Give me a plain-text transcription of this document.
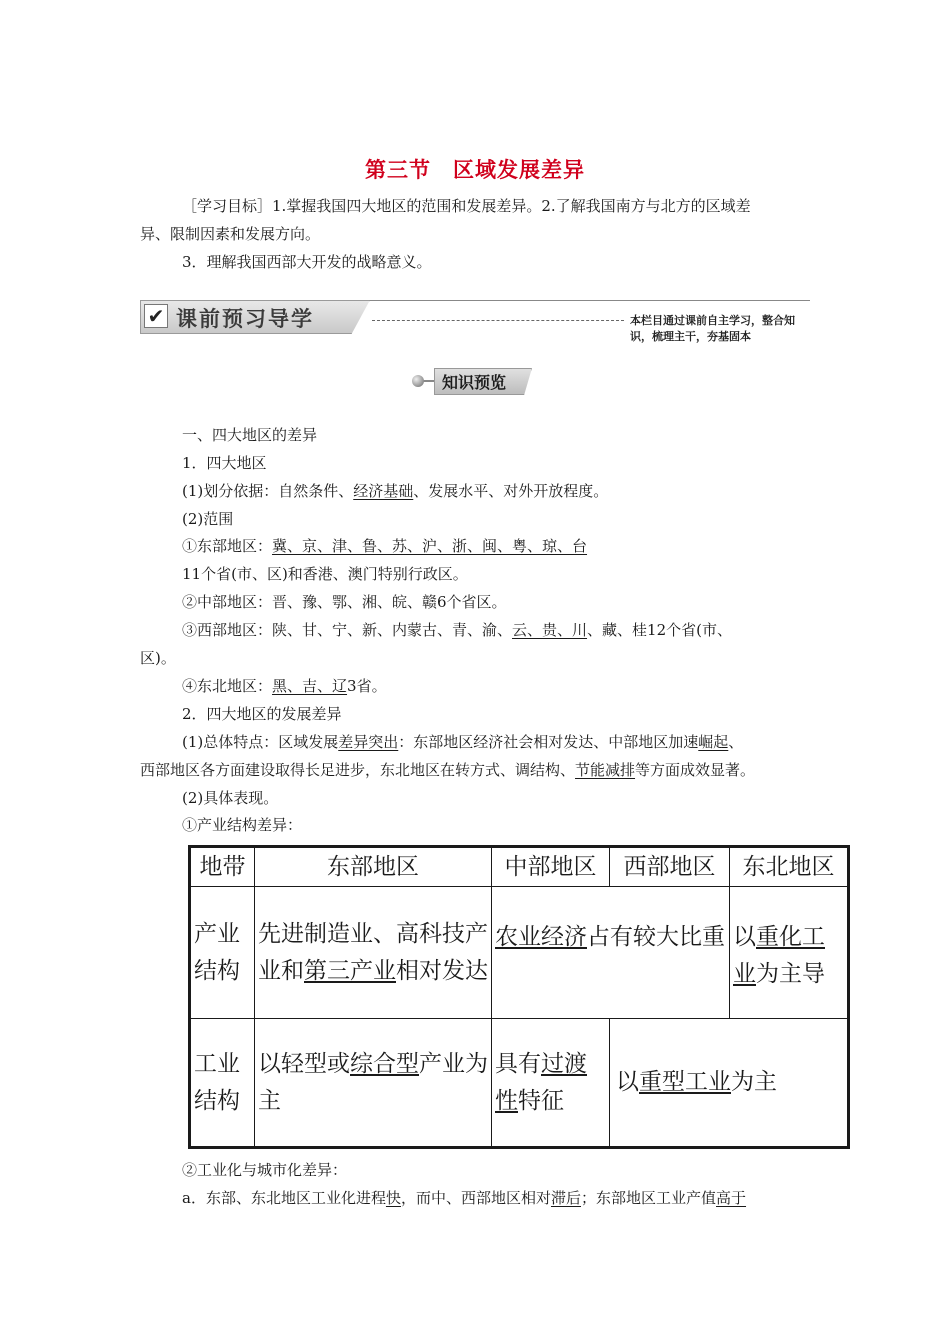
第三节　区域发展差异
［学习目标］1.掌握我国四大地区的范围和发展差异。2.了解我国南方与北方的区域差
异、限制因素和发展方向。
3．理解我国西部大开发的战略意义。
✔ 课前预习导学	本栏目通过课前自主学习，整合知识，梳理主干，夯基固本
知识预览
一、四大地区的差异
1．四大地区
(1)划分依据：自然条件、经济基础、发展水平、对外开放程度。
(2)范围
①东部地区：冀、京、津、鲁、苏、沪、浙、闽、粤、琼、台
11个省(市、区)和香港、澳门特别行政区。
②中部地区：晋、豫、鄂、湘、皖、赣6个省区。
③西部地区：陕、甘、宁、新、内蒙古、青、渝、云、贵、川、藏、桂12个省(市、
区)。
④东北地区：黑、吉、辽3省。
2．四大地区的发展差异
(1)总体特点：区域发展差异突出：东部地区经济社会相对发达、中部地区加速崛起、
西部地区各方面建设取得长足进步，东北地区在转方式、调结构、节能减排等方面成效显著。
(2)具体表现。
①产业结构差异：
地带	东部地区	中部地区	西部地区	东北地区
产业结构	先进制造业、高科技产业和第三产业相对发达	农业经济占有较大比重		以重化工业为主导
工业结构	以轻型或综合型产业为主	具有过渡性特征	以重型工业为主	
②工业化与城市化差异：
a．东部、东北地区工业化进程快，而中、西部地区相对滞后；东部地区工业产值高于
